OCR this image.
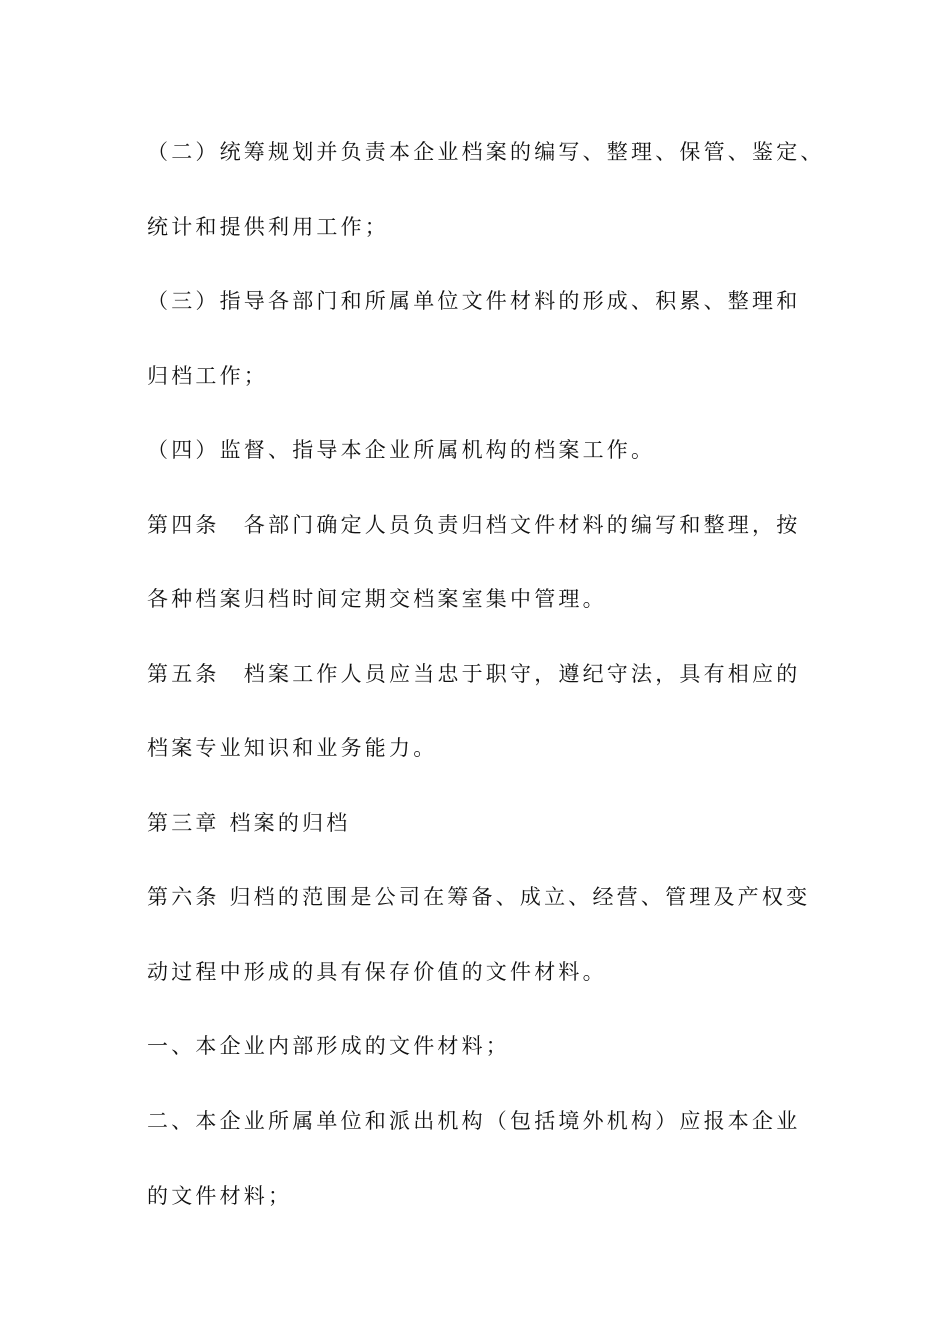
（二）统筹规划并负责本企业档案的编写、整理、保管、鉴定、

统计和提供利用工作；

（三）指导各部门和所属单位文件材料的形成、积累、整理和

归档工作；

（四）监督、指导本企业所属机构的档案工作。

第四条　各部门确定人员负责归档文件材料的编写和整理，按

各种档案归档时间定期交档案室集中管理。

第五条　档案工作人员应当忠于职守，遵纪守法，具有相应的

档案专业知识和业务能力。

第三章 档案的归档

第六条 归档的范围是公司在筹备、成立、经营、管理及产权变

动过程中形成的具有保存价值的文件材料。

一、本企业内部形成的文件材料；

二、本企业所属单位和派出机构（包括境外机构）应报本企业

的文件材料；
